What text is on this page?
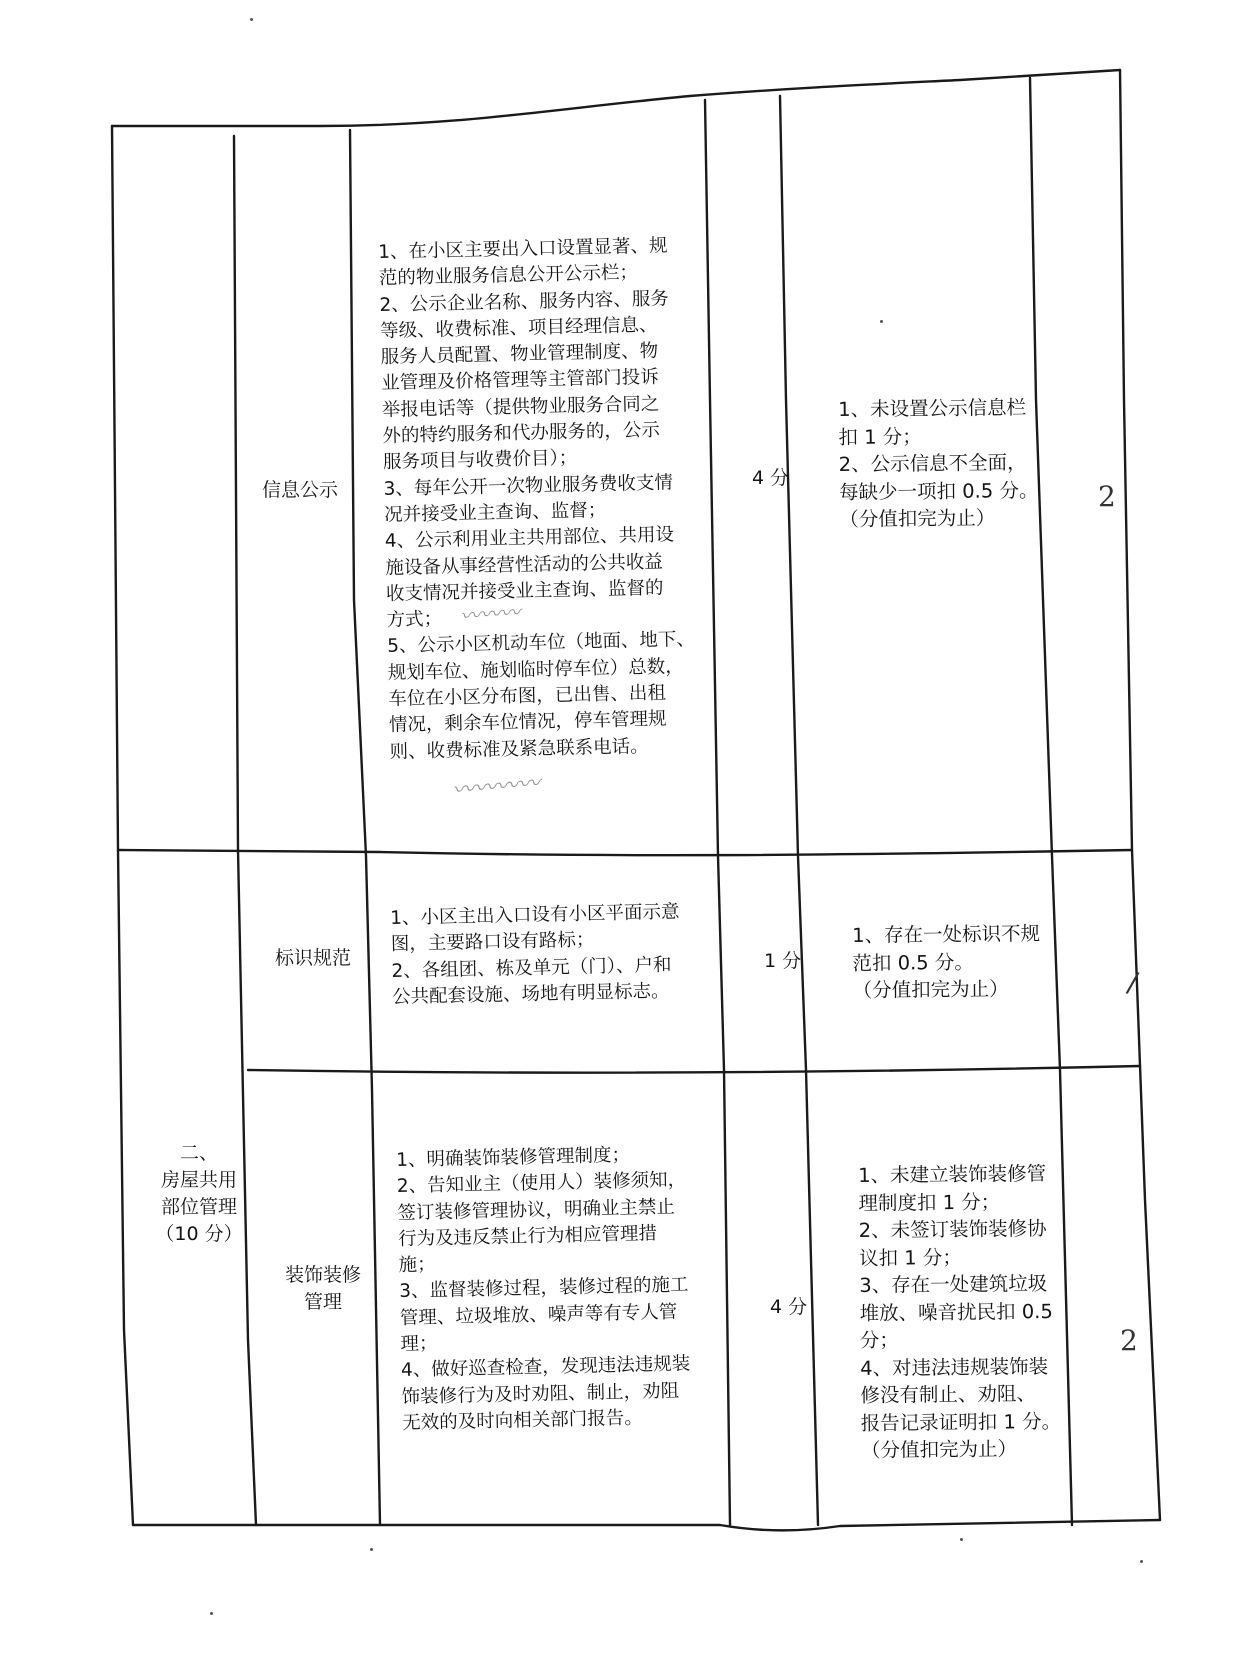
二、
房屋共用
部位管理
（10 分）
信息公示
1、在小区主要出入口设置显著、规
范的物业服务信息公开公示栏；
2、公示企业名称、服务内容、服务
等级、收费标准、项目经理信息、
服务人员配置、物业管理制度、物
业管理及价格管理等主管部门投诉
举报电话等（提供物业服务合同之
外的特约服务和代办服务的，公示
服务项目与收费价目）；
3、每年公开一次物业服务费收支情
况并接受业主查询、监督；
4、公示利用业主共用部位、共用设
施设备从事经营性活动的公共收益
收支情况并接受业主查询、监督的
方式；
5、公示小区机动车位（地面、地下、
规划车位、施划临时停车位）总数，
车位在小区分布图，已出售、出租
情况，剩余车位情况，停车管理规
则、收费标准及紧急联系电话。
〰〰〰
〰〰〰〰
4 分
1、未设置公示信息栏
扣 1 分；
2、公示信息不全面，
每缺少一项扣 0.5 分。
（分值扣完为止）
2
标识规范
1、小区主出入口设有小区平面示意
图，主要路口设有路标；
2、各组团、栋及单元（门）、户和
公共配套设施、场地有明显标志。
1 分
1、存在一处标识不规
范扣 0.5 分。
（分值扣完为止）	/
装饰装修
管理
1、明确装饰装修管理制度；
2、告知业主（使用人）装修须知，
签订装修管理协议，明确业主禁止
行为及违反禁止行为相应管理措
施；
3、监督装修过程，装修过程的施工
管理、垃圾堆放、噪声等有专人管
理；
4、做好巡查检查，发现违法违规装
饰装修行为及时劝阻、制止，劝阻
无效的及时向相关部门报告。
4 分
1、未建立装饰装修管
理制度扣 1 分；
2、未签订装饰装修协
议扣 1 分；
3、存在一处建筑垃圾
堆放、噪音扰民扣 0.5
分；
4、对违法违规装饰装
修没有制止、劝阻、
报告记录证明扣 1 分。
（分值扣完为止）
2
